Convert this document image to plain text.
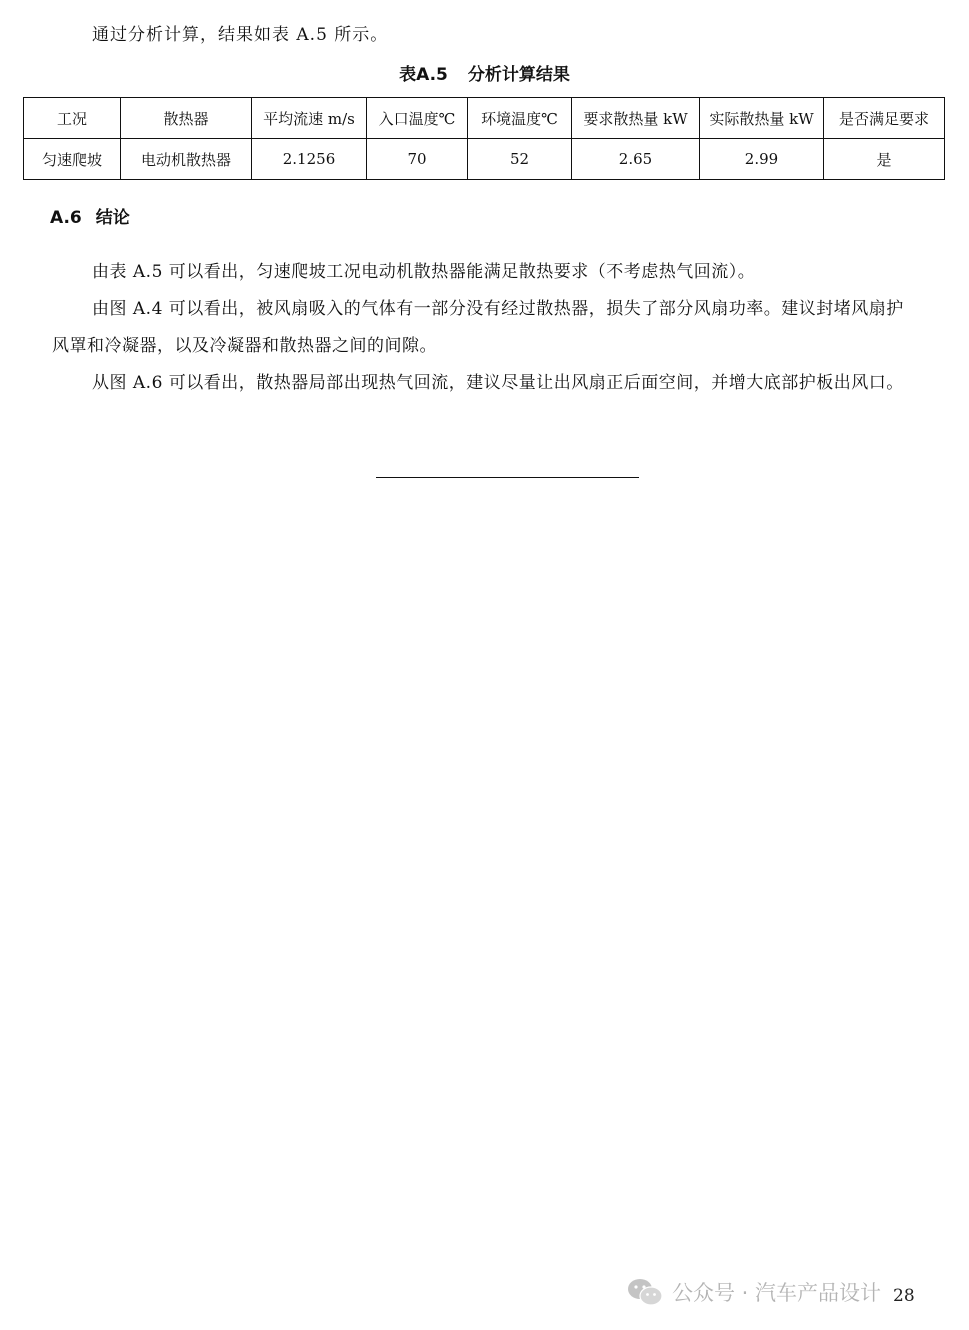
通过分析计算，结果如表 A.5 所示。
表A.5 分析计算结果
工况	散热器	平均流速 m/s	入口温度℃	环境温度℃	要求散热量 kW	实际散热量 kW	是否满足要求
匀速爬坡	电动机散热器	2.1256	70	52	2.65	2.99	是
A.6 结论
由表 A.5 可以看出，匀速爬坡工况电动机散热器能满足散热要求（不考虑热气回流）。
由图 A.4 可以看出，被风扇吸入的气体有一部分没有经过散热器，损失了部分风扇功率。建议封堵风扇护风罩和冷凝器，以及冷凝器和散热器之间的间隙。
从图 A.6 可以看出，散热器局部出现热气回流，建议尽量让出风扇正后面空间，并增大底部护板出风口。
公众号 · 汽车产品设计 28
